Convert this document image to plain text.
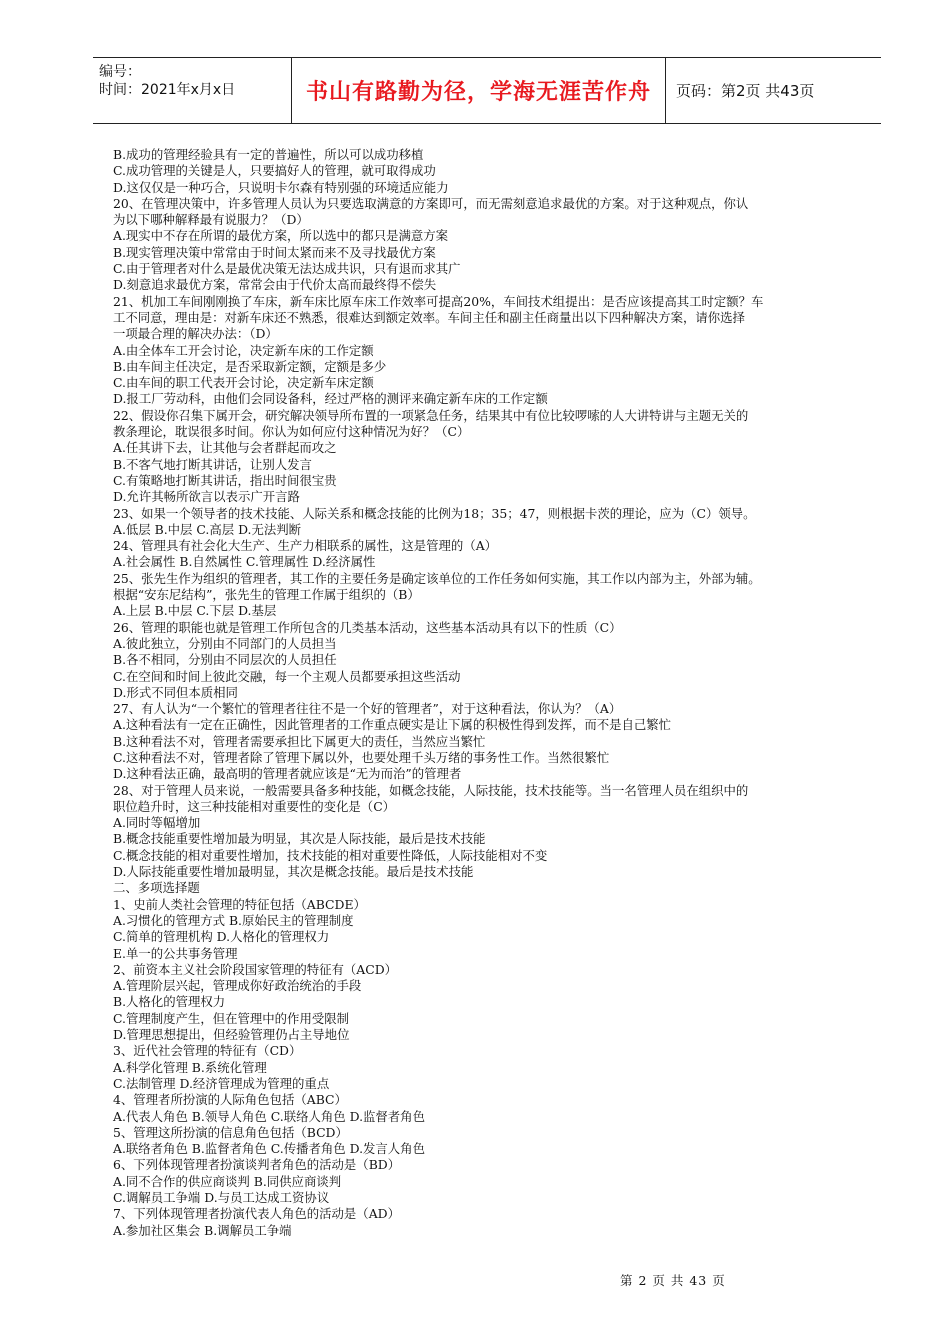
编号：
时间：2021年x月x日	书山有路勤为径，学海无涯苦作舟 页码：第2页 共43页
B.成功的管理经验具有一定的普遍性，所以可以成功移植
C.成功管理的关键是人，只要搞好人的管理，就可取得成功
D.这仅仅是一种巧合，只说明卡尔森有特别强的环境适应能力
20、在管理决策中，许多管理人员认为只要选取满意的方案即可，而无需刻意追求最优的方案。对于这种观点，你认
为以下哪种解释最有说服力？（D）
A.现实中不存在所谓的最优方案，所以选中的都只是满意方案
B.现实管理决策中常常由于时间太紧而来不及寻找最优方案
C.由于管理者对什么是最优决策无法达成共识，只有退而求其广
D.刻意追求最优方案，常常会由于代价太高而最终得不偿失
21、机加工车间刚刚换了车床，新车床比原车床工作效率可提高20%，车间技术组提出：是否应该提高其工时定额？车
工不同意，理由是：对新车床还不熟悉，很难达到额定效率。车间主任和副主任商量出以下四种解决方案，请你选择
一项最合理的解决办法：（D）
A.由全体车工开会讨论，决定新车床的工作定额
B.由车间主任决定，是否采取新定额，定额是多少
C.由车间的职工代表开会讨论，决定新车床定额
D.报工厂劳动科，由他们会同设备科，经过严格的测评来确定新车床的工作定额
22、假设你召集下属开会，研究解决领导所布置的一项紧急任务，结果其中有位比较啰嗦的人大讲特讲与主题无关的
教条理论，耽误很多时间。你认为如何应付这种情况为好？（C）
A.任其讲下去，让其他与会者群起而攻之
B.不客气地打断其讲话，让别人发言
C.有策略地打断其讲话，指出时间很宝贵
D.允许其畅所欲言以表示广开言路
23、如果一个领导者的技术技能、人际关系和概念技能的比例为18；35；47，则根据卡茨的理论，应为（C）领导。
A.低层 B.中层 C.高层 D.无法判断
24、管理具有社会化大生产、生产力相联系的属性，这是管理的（A）
A.社会属性 B.自然属性 C.管理属性 D.经济属性
25、张先生作为组织的管理者，其工作的主要任务是确定该单位的工作任务如何实施，其工作以内部为主，外部为辅。
根据“安东尼结构”，张先生的管理工作属于组织的（B）
A.上层 B.中层 C.下层 D.基层
26、管理的职能也就是管理工作所包含的几类基本活动，这些基本活动具有以下的性质（C）
A.彼此独立，分别由不同部门的人员担当
B.各不相同，分别由不同层次的人员担任
C.在空间和时间上彼此交融，每一个主观人员都要承担这些活动
D.形式不同但本质相同
27、有人认为“一个繁忙的管理者往往不是一个好的管理者”，对于这种看法，你认为？（A）
A.这种看法有一定在正确性，因此管理者的工作重点硬实是让下属的积极性得到发挥，而不是自己繁忙
B.这种看法不对，管理者需要承担比下属更大的责任，当然应当繁忙
C.这种看法不对，管理者除了管理下属以外，也要处理千头万绪的事务性工作。当然很繁忙
D.这种看法正确，最高明的管理者就应该是“无为而治”的管理者
28、对于管理人员来说，一般需要具备多种技能，如概念技能，人际技能，技术技能等。当一名管理人员在组织中的
职位趋升时，这三种技能相对重要性的变化是（C）
A.同时等幅增加
B.概念技能重要性增加最为明显，其次是人际技能，最后是技术技能
C.概念技能的相对重要性增加，技术技能的相对重要性降低，人际技能相对不变
D.人际技能重要性增加最明显，其次是概念技能。最后是技术技能
二、多项选择题
1、史前人类社会管理的特征包括（ABCDE）
A.习惯化的管理方式 B.原始民主的管理制度
C.简单的管理机构 D.人格化的管理权力
E.单一的公共事务管理
2、前资本主义社会阶段国家管理的特征有（ACD）
A.管理阶层兴起，管理成你好政治统治的手段
B.人格化的管理权力
C.管理制度产生，但在管理中的作用受限制
D.管理思想提出，但经验管理仍占主导地位
3、近代社会管理的特征有（CD）
A.科学化管理 B.系统化管理
C.法制管理 D.经济管理成为管理的重点
4、管理者所扮演的人际角色包括（ABC）
A.代表人角色 B.领导人角色 C.联络人角色 D.监督者角色
5、管理这所扮演的信息角色包括（BCD）
A.联络者角色 B.监督者角色 C.传播者角色 D.发言人角色
6、下列体现管理者扮演谈判者角色的活动是（BD）
A.同不合作的供应商谈判 B.同供应商谈判
C.调解员工争端 D.与员工达成工资协议
7、下列体现管理者扮演代表人角色的活动是（AD）
A.参加社区集会 B.调解员工争端
第 2 页 共 43 页
